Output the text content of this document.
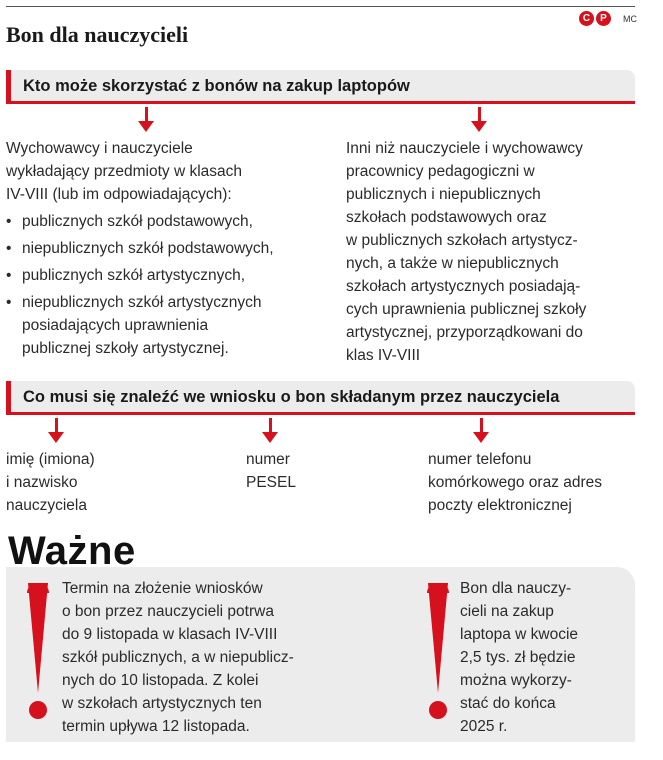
Bon dla nauczycieli
C	P	MC
Kto może skorzystać z bonów na zakup laptopów
Wychowawcy i nauczyciele
wykładający przedmioty w klasach
IV-VIII (lub im odpowiadających):
• publicznych szkół podstawowych,
• niepublicznych szkół podstawowych,
• publicznych szkół artystycznych,
• niepublicznych szkół artystycznych
posiadających uprawnienia
publicznej szkoły artystycznej.
Inni niż nauczyciele i wychowawcy
pracownicy pedagogiczni w
publicznych i niepublicznych
szkołach podstawowych oraz
w publicznych szkołach artystycz-
nych, a także w niepublicznych
szkołach artystycznych posiadają-
cych uprawnienia publicznej szkoły
artystycznej, przyporządkowani do
klas IV-VIII
Co musi się znaleźć we wniosku o bon składanym przez nauczyciela
imię (imiona)
i nazwisko
nauczyciela
numer
PESEL
numer telefonu
komórkowego oraz adres
poczty elektronicznej
Ważne
Termin na złożenie wniosków
o bon przez nauczycieli potrwa
do 9 listopada w klasach IV-VIII
szkół publicznych, a w niepublicz-
nych do 10 listopada. Z kolei
w szkołach artystycznych ten
termin upływa 12 listopada.
Bon dla nauczy-
cieli na zakup
laptopa w kwocie
2,5 tys. zł będzie
można wykorzy-
stać do końca
2025 r.
